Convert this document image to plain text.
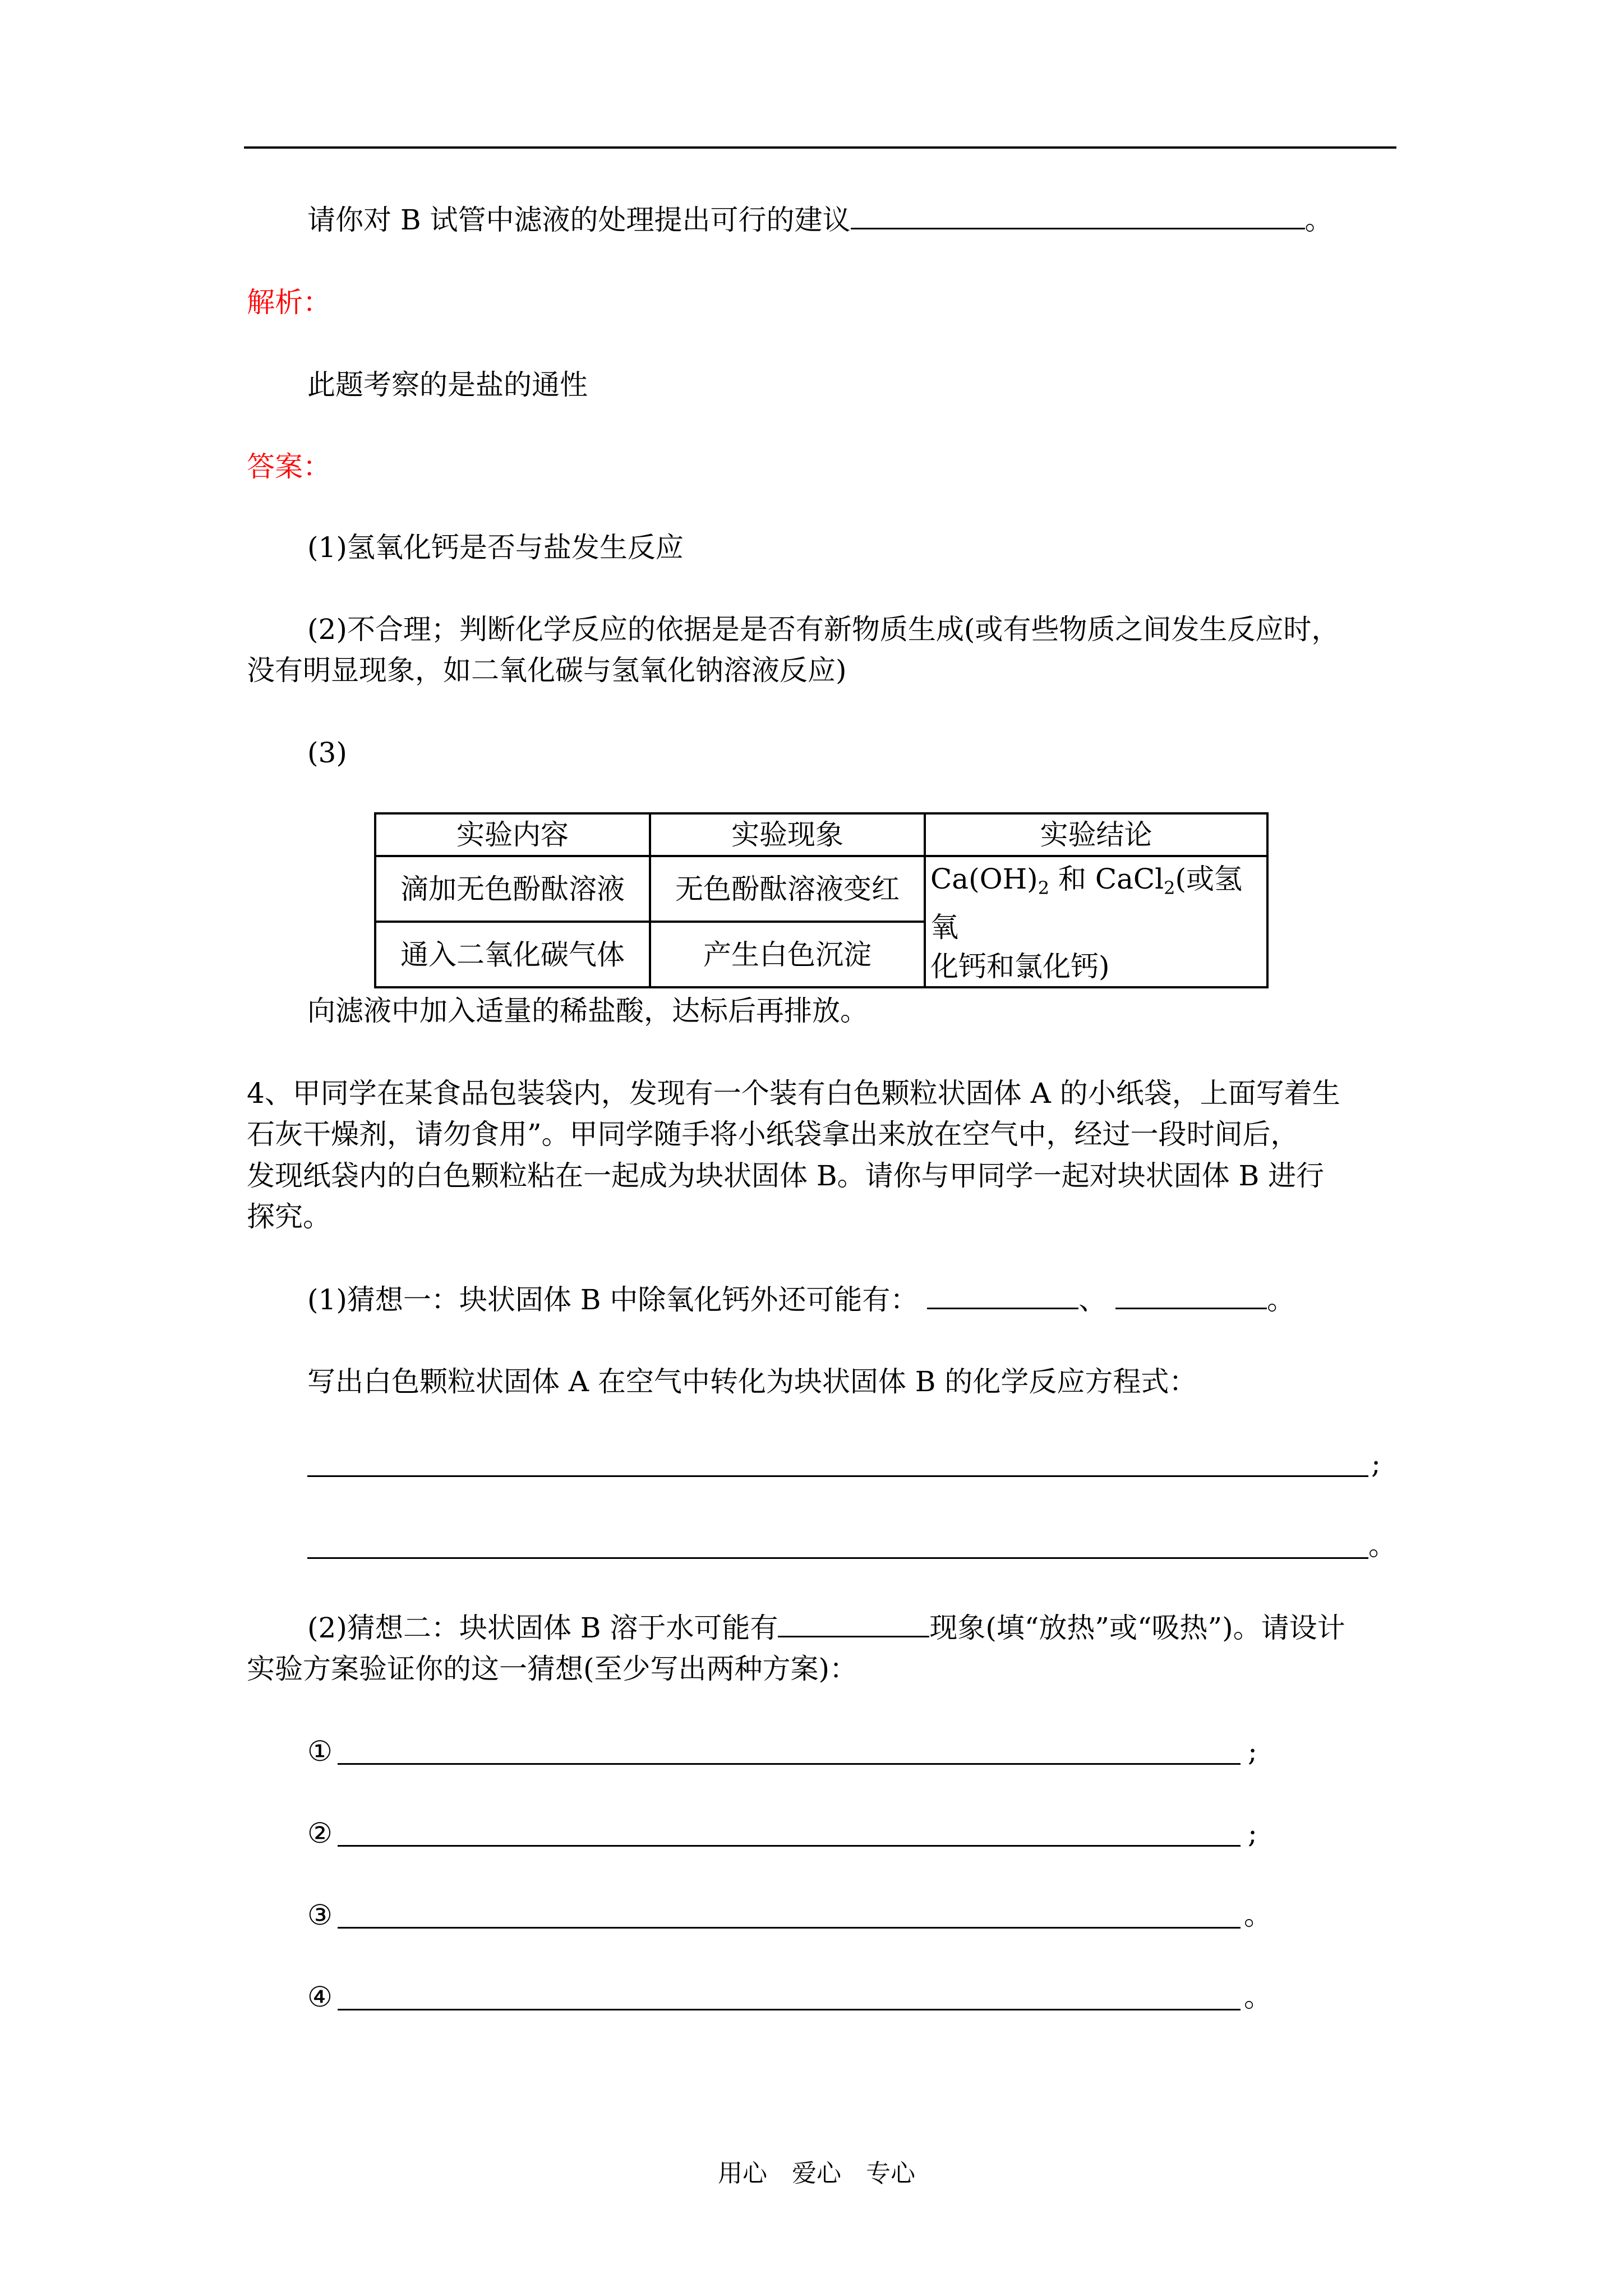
请你对 B 试管中滤液的处理提出可行的建议	。
解析：
此题考察的是盐的通性
答案：
(1)氢氧化钙是否与盐发生反应
(2)不合理；判断化学反应的依据是是否有新物质生成(或有些物质之间发生反应时，
没有明显现象，如二氧化碳与氢氧化钠溶液反应)
(3)
实验内容	实验现象	实验结论
滴加无色酚酞溶液	无色酚酞溶液变红	$Ca(OH)_2$ 和 CaCl$_2$(或氢氧
化钙和氯化钙)
通入二氧化碳气体	产生白色沉淀	
向滤液中加入适量的稀盐酸，达标后再排放。
4、甲同学在某食品包装袋内，发现有一个装有白色颗粒状固体 A 的小纸袋，上面写着生
石灰干燥剂，请勿食用”。甲同学随手将小纸袋拿出来放在空气中，经过一段时间后，
发现纸袋内的白色颗粒粘在一起成为块状固体 B。请你与甲同学一起对块状固体 B 进行
探究。
(1)猜想一：块状固体 B 中除氧化钙外还可能有：	、	。
写出白色颗粒状固体 A 在空气中转化为块状固体 B 的化学反应方程式：
;
。
(2)猜想二：块状固体 B 溶于水可能有	现象(填“放热”或“吸热”)。请设计
实验方案验证你的这一猜想(至少写出两种方案)：
①	;
②	;
③	。
④	。
用心　爱心　专心
